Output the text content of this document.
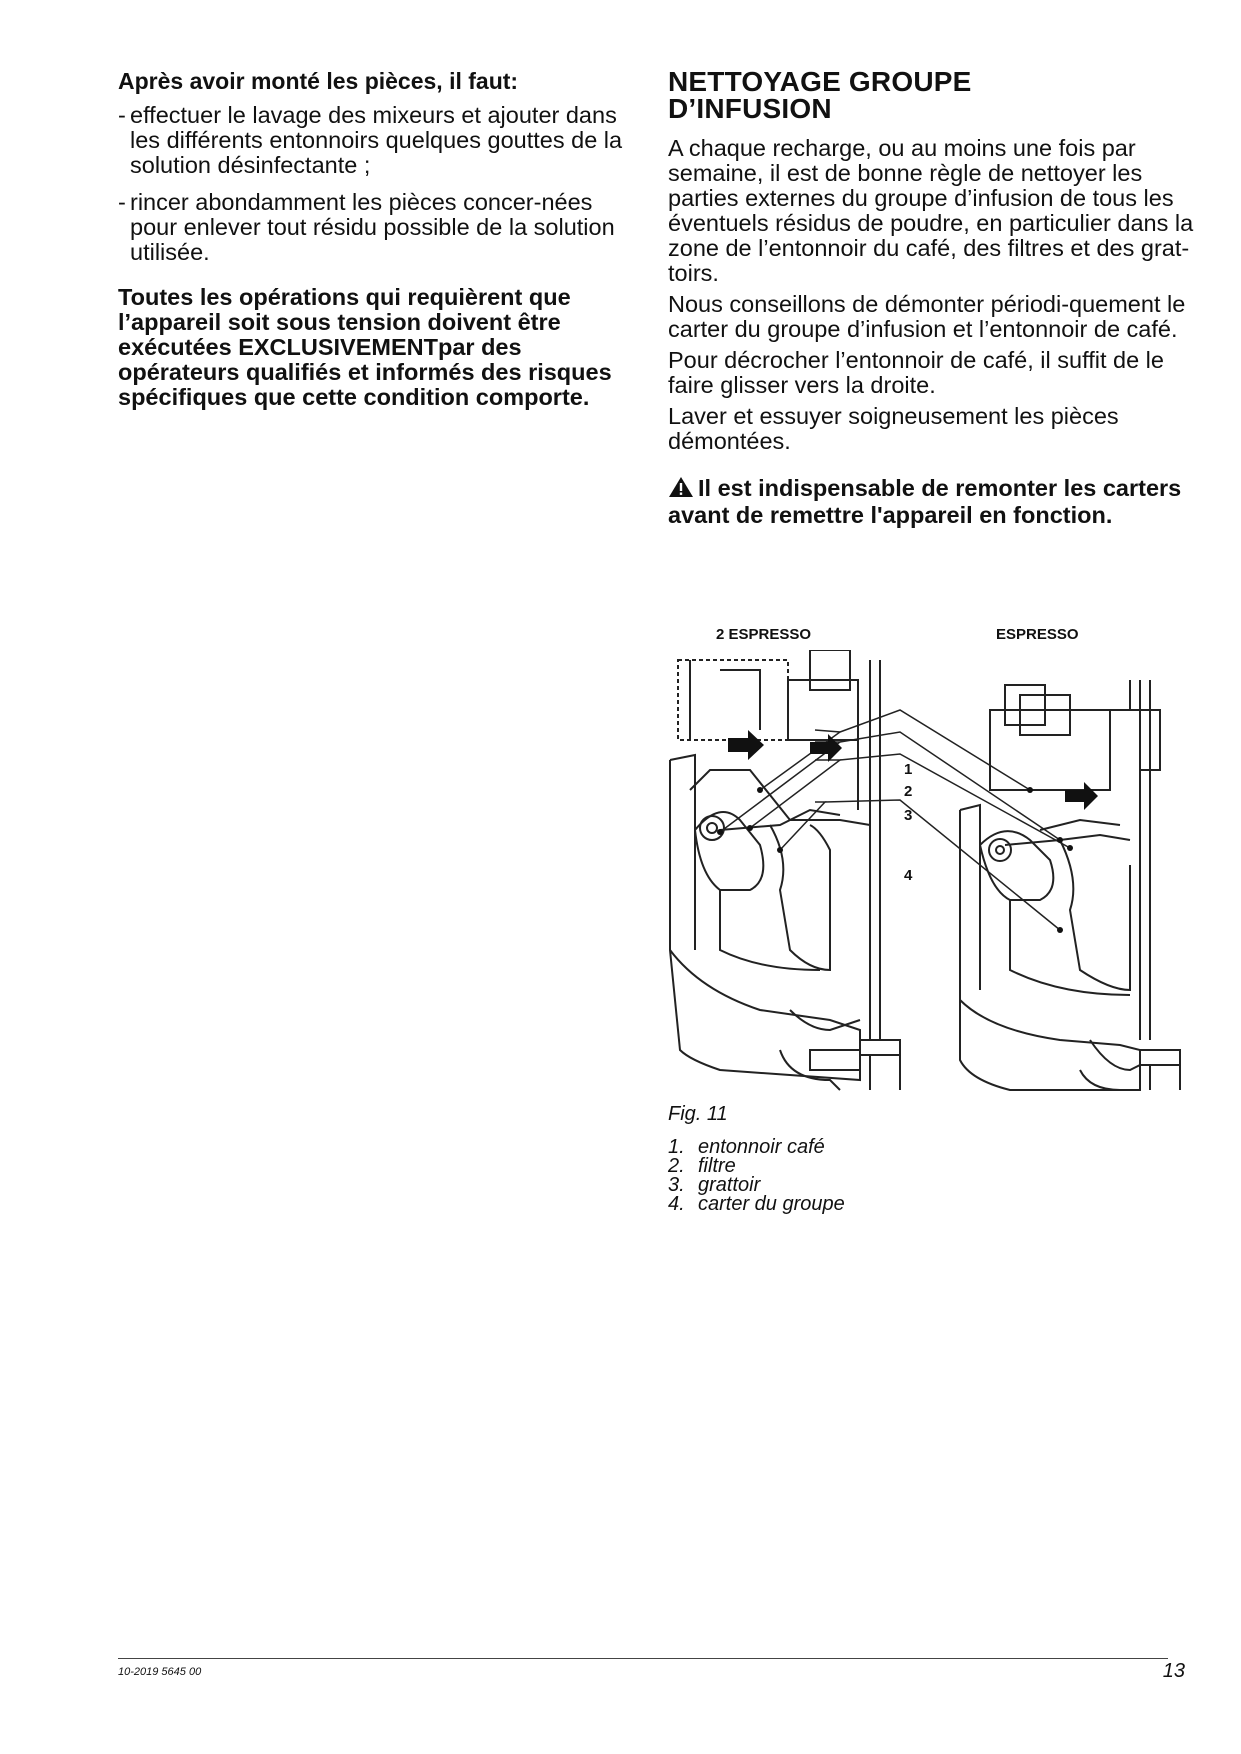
Après avoir monté les pièces, il faut:

- effectuer le lavage des mixeurs et ajouter dans les différents entonnoirs quelques gouttes de la solution désinfectante ;
- rincer abondamment les pièces concer-nées pour enlever tout résidu possible de la solution utilisée.

Toutes les opérations qui requièrent que l’appareil soit sous tension doivent être exécutées EXCLUSIVEMENTpar des opérateurs qualifiés et informés des risques spécifiques que cette condition comporte.

NETTOYAGE GROUPE
D’INFUSION

A chaque recharge, ou au moins une fois par semaine, il est de bonne règle de nettoyer les parties externes du groupe d’infusion de tous les éventuels résidus de poudre, en particulier dans la zone de l’entonnoir du café, des filtres et des grat-toirs.

Nous conseillons de démonter périodi-quement le carter du groupe d’infusion et l’entonnoir de café.

Pour décrocher l’entonnoir de café, il suffit de le faire glisser vers la droite.

Laver et essuyer soigneusement les pièces démontées.

Il est indispensable de remonter les carters avant de remettre l'appareil en fonction.

2 ESPRESSO	ESPRESSO
1
2
3
4
Fig. 11
1. entonnoir café
2. filtre
3. grattoir
4. carter du groupe
10-2019 5645 00	13
